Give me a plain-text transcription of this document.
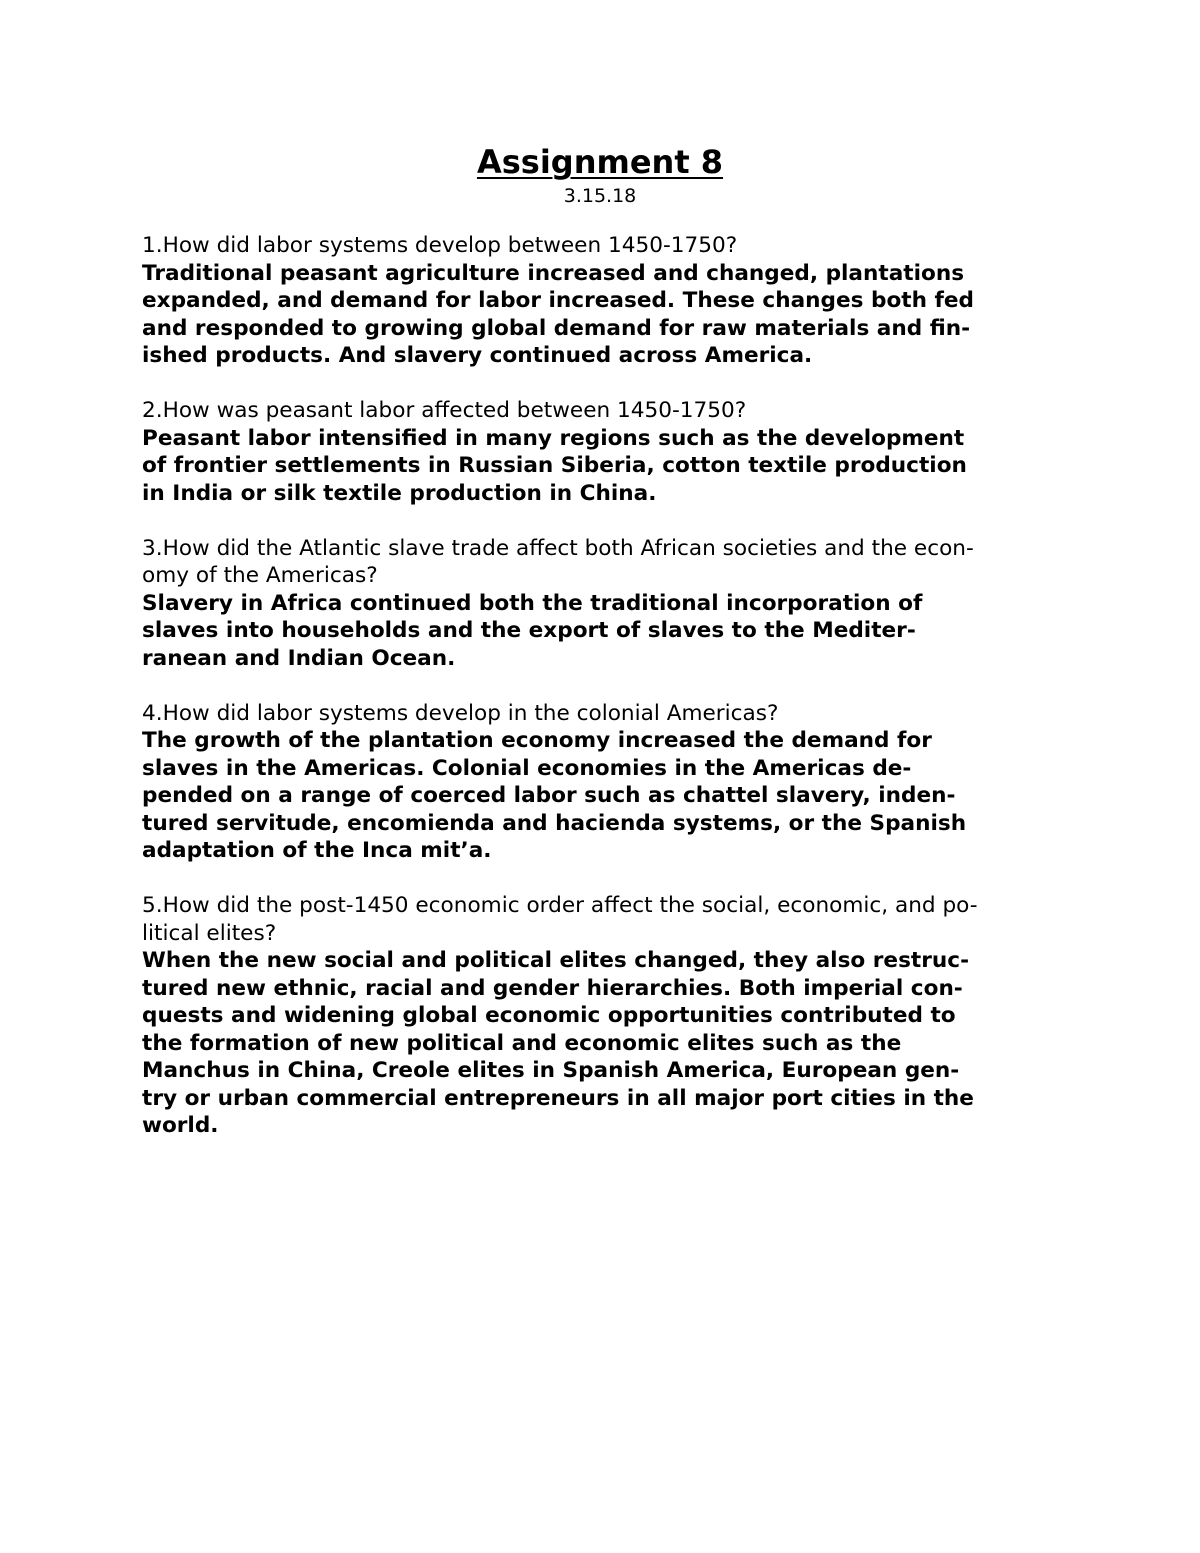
Assignment 8
3.15.18
1.How did labor systems develop between 1450-1750?
Traditional peasant agriculture increased and changed, plantations
expanded, and demand for labor increased. These changes both fed
and responded to growing global demand for raw materials and fin-
ished products. And slavery continued across America.
2.How was peasant labor affected between 1450-1750?
Peasant labor intensified in many regions such as the development
of frontier settlements in Russian Siberia, cotton textile production
in India or silk textile production in China.
3.How did the Atlantic slave trade affect both African societies and the econ-
omy of the Americas?
Slavery in Africa continued both the traditional incorporation of
slaves into households and the export of slaves to the Mediter-
ranean and Indian Ocean.
4.How did labor systems develop in the colonial Americas?
The growth of the plantation economy increased the demand for
slaves in the Americas. Colonial economies in the Americas de-
pended on a range of coerced labor such as chattel slavery, inden-
tured servitude, encomienda and hacienda systems, or the Spanish
adaptation of the Inca mit’a.
5.How did the post-1450 economic order affect the social, economic, and po-
litical elites?
When the new social and political elites changed, they also restruc-
tured new ethnic, racial and gender hierarchies. Both imperial con-
quests and widening global economic opportunities contributed to
the formation of new political and economic elites such as the
Manchus in China, Creole elites in Spanish America, European gen-
try or urban commercial entrepreneurs in all major port cities in the
world.
